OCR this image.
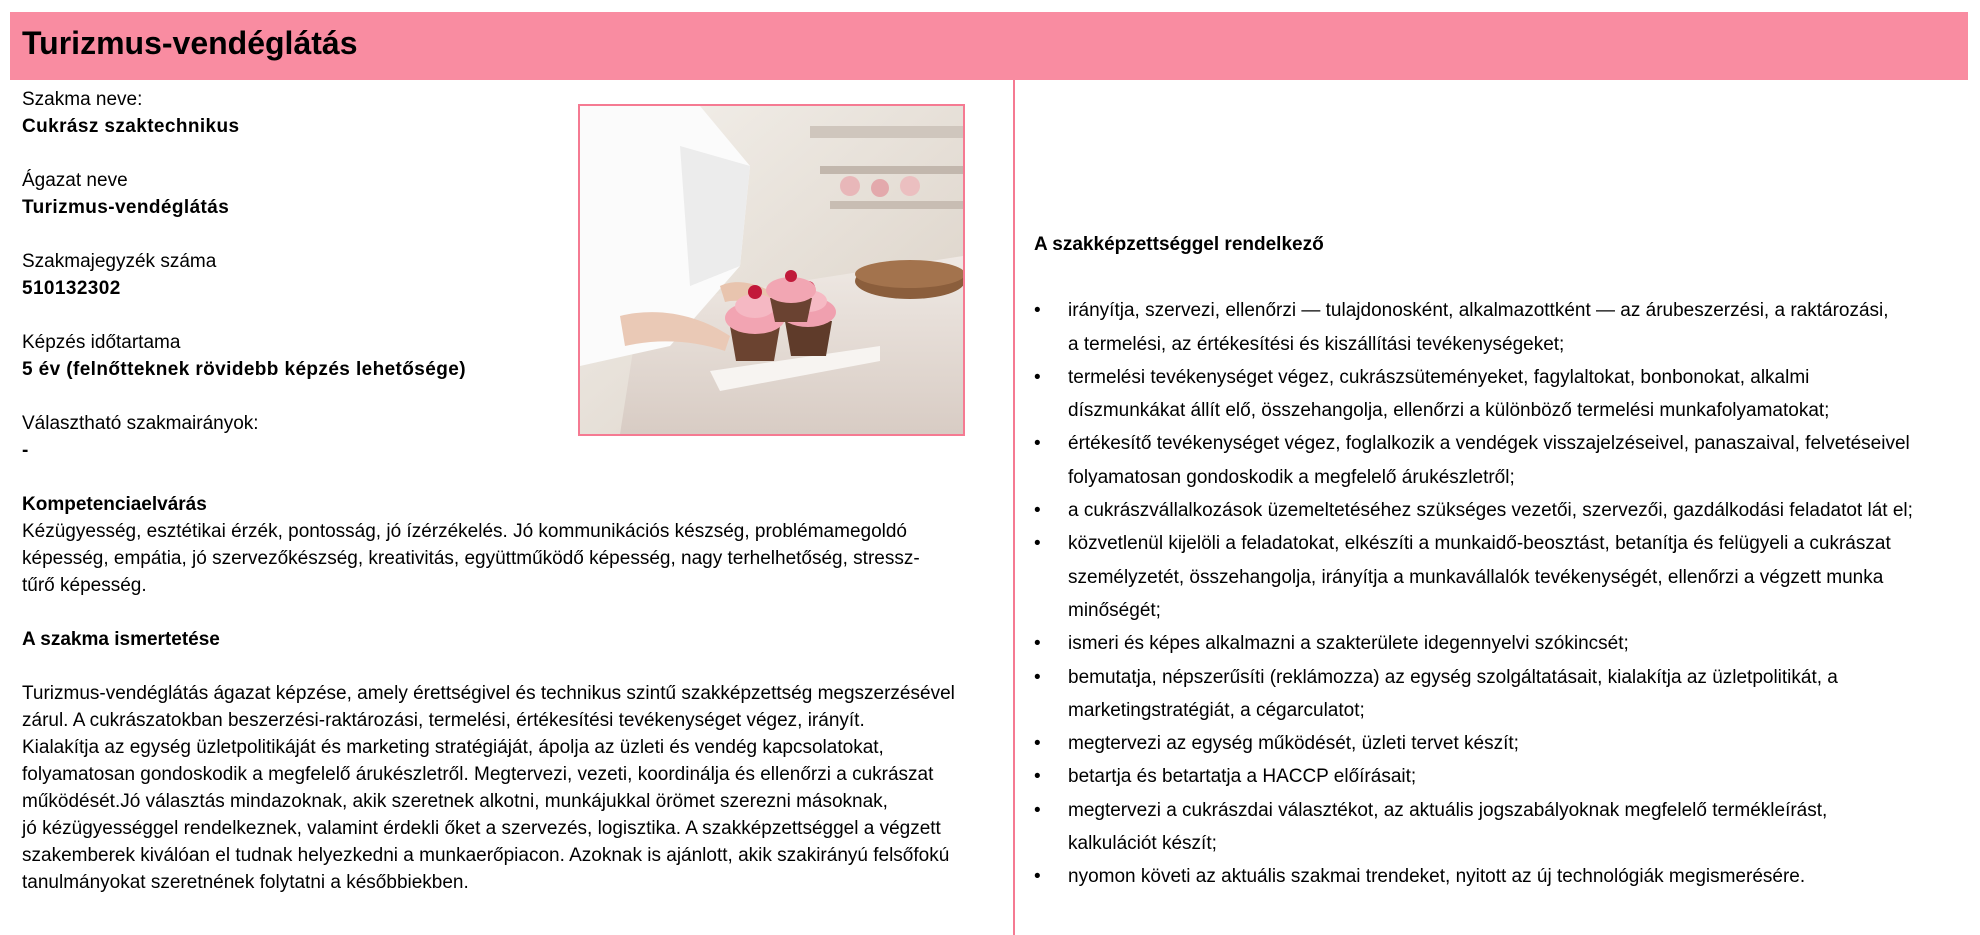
Turizmus-vendéglátás
Szakma neve:
Cukrász szaktechnikus
Ágazat neve
Turizmus-vendéglátás
Szakmajegyzék száma
510132302
Képzés időtartama
5 év (felnőtteknek rövidebb képzés lehetősége)
Választható szakmairányok:
-
Kompetenciaelvárás

Kézügyesség, esztétikai érzék, pontosság, jó ízérzékelés. Jó kommunikációs készség, problémamegoldó
képesség, empátia, jó szervezőkészség, kreativitás, együttműködő képesség, nagy terhelhetőség, stressz-
tűrő képesség.

A szakma ismertetése

Turizmus-vendéglátás ágazat képzése, amely érettségivel és technikus szintű szakképzettség megszerzésével
zárul. A cukrászatokban beszerzési-raktározási, termelési, értékesítési tevékenységet végez, irányít.
Kialakítja az egység üzletpolitikáját és marketing stratégiáját, ápolja az üzleti és vendég kapcsolatokat,
folyamatosan gondoskodik a megfelelő árukészletről. Megtervezi, vezeti, koordinálja és ellenőrzi a cukrászat
működését.Jó választás mindazoknak, akik szeretnek alkotni, munkájukkal örömet szerezni másoknak,
jó kézügyességgel rendelkeznek, valamint érdekli őket a szervezés, logisztika. A szakképzettséggel a végzett
szakemberek kiválóan el tudnak helyezkedni a munkaerőpiacon. Azoknak is ajánlott, akik szakirányú felsőfokú
tanulmányokat szeretnének folytatni a későbbiekben.

A szakképzettséggel rendelkező
• irányítja, szervezi, ellenőrzi — tulajdonosként, alkalmazottként — az árubeszerzési, a raktározási,
a termelési, az értékesítési és kiszállítási tevékenységeket;
• termelési tevékenységet végez, cukrászsüteményeket, fagylaltokat, bonbonokat, alkalmi
díszmunkákat állít elő, összehangolja, ellenőrzi a különböző termelési munkafolyamatokat;
• értékesítő tevékenységet végez, foglalkozik a vendégek visszajelzéseivel, panaszaival, felvetéseivel
folyamatosan gondoskodik a megfelelő árukészletről;
• a cukrászvállalkozások üzemeltetéséhez szükséges vezetői, szervezői, gazdálkodási feladatot lát el;
• közvetlenül kijelöli a feladatokat, elkészíti a munkaidő-beosztást, betanítja és felügyeli a cukrászat
személyzetét, összehangolja, irányítja a munkavállalók tevékenységét, ellenőrzi a végzett munka
minőségét;
• ismeri és képes alkalmazni a szakterülete idegennyelvi szókincsét;
• bemutatja, népszerűsíti (reklámozza) az egység szolgáltatásait, kialakítja az üzletpolitikát, a
marketingstratégiát, a cégarculatot;
• megtervezi az egység működését, üzleti tervet készít;
• betartja és betartatja a HACCP előírásait;
• megtervezi a cukrászdai választékot, az aktuális jogszabályoknak megfelelő termékleírást,
kalkulációt készít;
• nyomon követi az aktuális szakmai trendeket, nyitott az új technológiák megismerésére.
